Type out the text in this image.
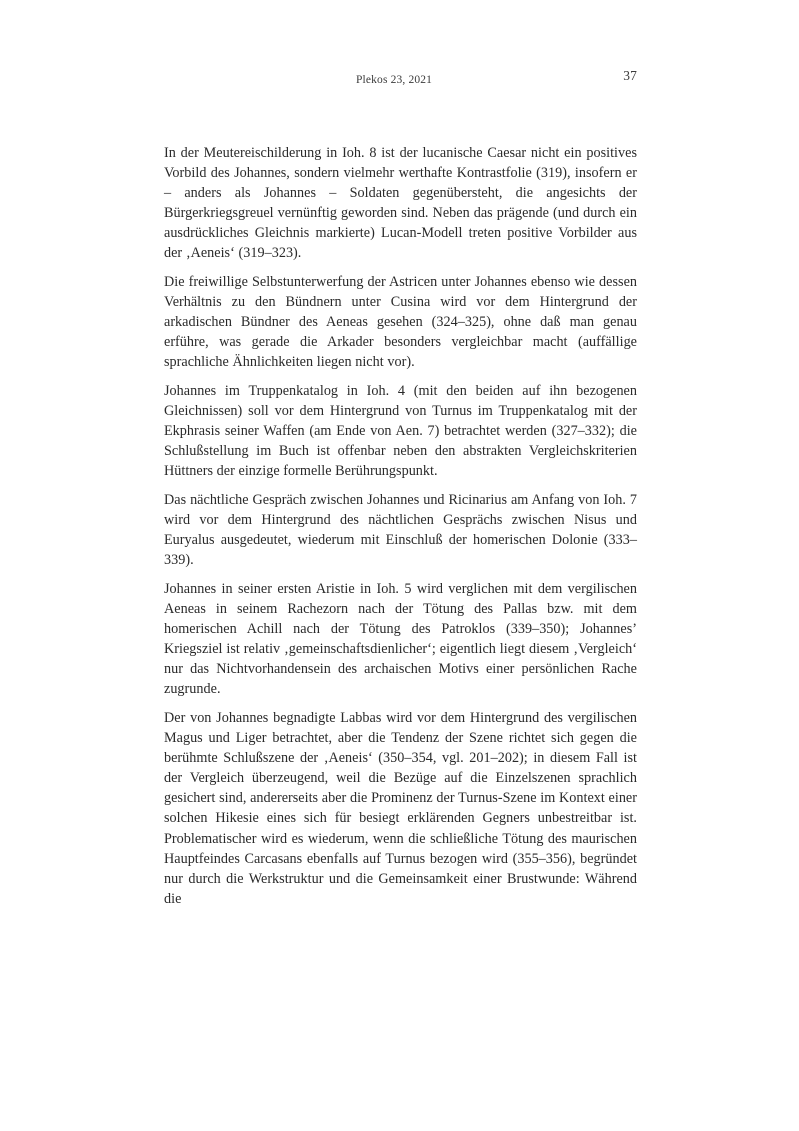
Plekos 23, 2021	37

In der Meutereischilderung in Ioh. 8 ist der lucanische Caesar nicht ein positives Vorbild des Johannes, sondern vielmehr werthafte Kontrastfolie (319), insofern er – anders als Johannes – Soldaten gegenübersteht, die angesichts der Bürgerkriegsgreuel vernünftig geworden sind. Neben das prägende (und durch ein ausdrückliches Gleichnis markierte) Lucan-Modell treten positive Vorbilder aus der ‚Aeneis‘ (319–323).

Die freiwillige Selbstunterwerfung der Astricen unter Johannes ebenso wie dessen Verhältnis zu den Bündnern unter Cusina wird vor dem Hintergrund der arkadischen Bündner des Aeneas gesehen (324–325), ohne daß man genau erführe, was gerade die Arkader besonders vergleichbar macht (auffällige sprachliche Ähnlichkeiten liegen nicht vor).

Johannes im Truppenkatalog in Ioh. 4 (mit den beiden auf ihn bezogenen Gleichnissen) soll vor dem Hintergrund von Turnus im Truppenkatalog mit der Ekphrasis seiner Waffen (am Ende von Aen. 7) betrachtet werden (327–332); die Schlußstellung im Buch ist offenbar neben den abstrakten Vergleichskriterien Hüttners der einzige formelle Berührungspunkt.

Das nächtliche Gespräch zwischen Johannes und Ricinarius am Anfang von Ioh. 7 wird vor dem Hintergrund des nächtlichen Gesprächs zwischen Nisus und Euryalus ausgedeutet, wiederum mit Einschluß der homerischen Dolonie (333–339).

Johannes in seiner ersten Aristie in Ioh. 5 wird verglichen mit dem vergilischen Aeneas in seinem Rachezorn nach der Tötung des Pallas bzw. mit dem homerischen Achill nach der Tötung des Patroklos (339–350); Johannes’ Kriegsziel ist relativ ‚gemeinschaftsdienlicher‘; eigentlich liegt diesem ‚Vergleich‘ nur das Nichtvorhandensein des archaischen Motivs einer persönlichen Rache zugrunde.

Der von Johannes begnadigte Labbas wird vor dem Hintergrund des vergilischen Magus und Liger betrachtet, aber die Tendenz der Szene richtet sich gegen die berühmte Schlußszene der ‚Aeneis‘ (350–354, vgl. 201–202); in diesem Fall ist der Vergleich überzeugend, weil die Bezüge auf die Einzelszenen sprachlich gesichert sind, andererseits aber die Prominenz der Turnus-Szene im Kontext einer solchen Hikesie eines sich für besiegt erklärenden Gegners unbestreitbar ist. Problematischer wird es wiederum, wenn die schließliche Tötung des maurischen Hauptfeindes Carcasans ebenfalls auf Turnus bezogen wird (355–356), begründet nur durch die Werkstruktur und die Gemeinsamkeit einer Brustwunde: Während die
